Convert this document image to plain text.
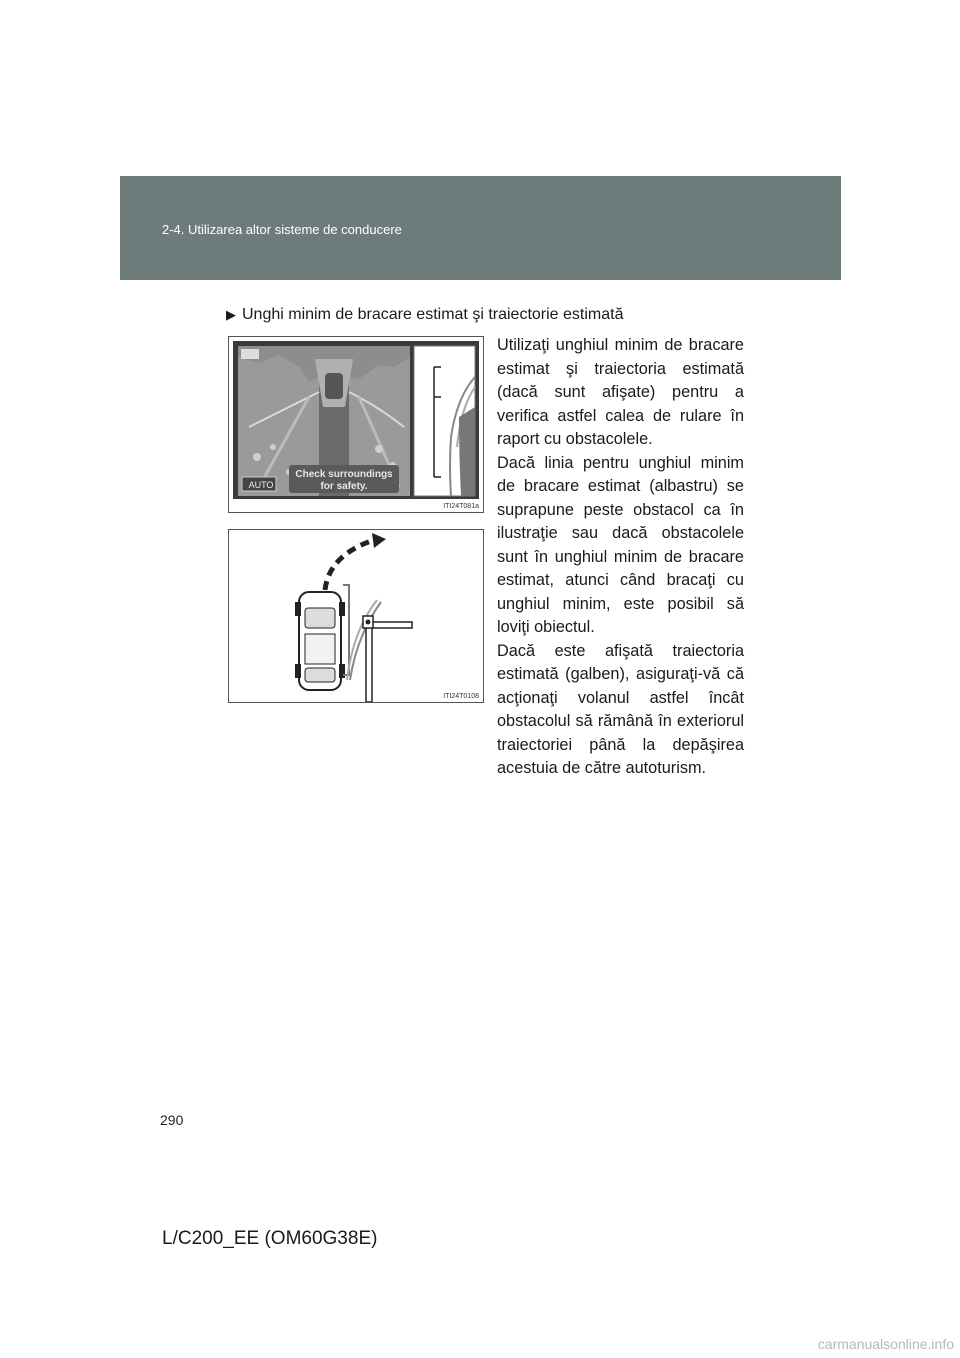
2-4. Utilizarea altor sisteme de conducere
▶ Unghi minim de bracare estimat şi traiectorie estimată

Utilizaţi unghiul minim de bracare estimat şi traiectoria estimată (dacă sunt afişate) pentru a verifica astfel calea de rulare în raport cu obstacolele.

Dacă linia pentru unghiul minim de bracare estimat (albastru) se suprapune peste obstacol ca în ilustraţie sau dacă obstacolele sunt în unghiul minim de bracare estimat, atunci când bracaţi cu unghiul minim, este posibil să loviţi obiectul.

Dacă este afişată traiectoria estimată (galben), asiguraţi-vă că acţionaţi volanul astfel încât obstacolul să rămână în exteriorul traiectoriei până la depăşirea acestuia de către autoturism.

Check surroundings
for safety.
AUTO
ITI24T081a
ITI24T0108
290
L/C200_EE (OM60G38E)
carmanualsonline.info
